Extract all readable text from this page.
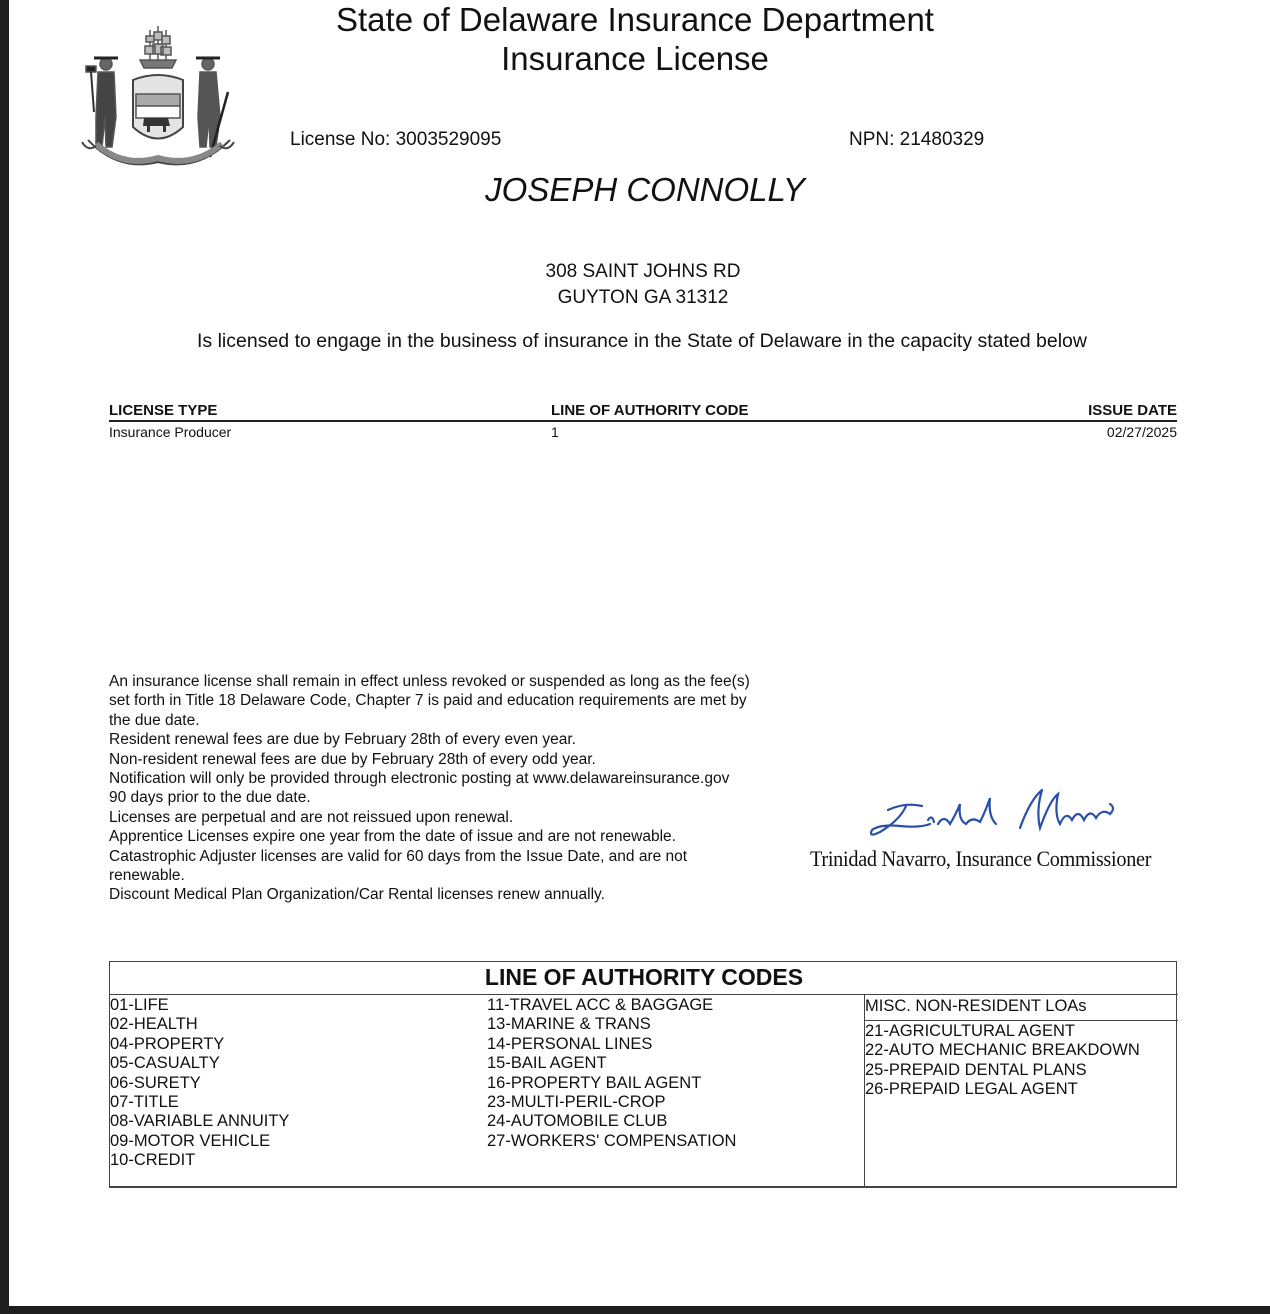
State of Delaware Insurance Department
Insurance License
License No: 3003529095	NPN: 21480329
JOSEPH CONNOLLY
308 SAINT JOHNS RD
GUYTON GA 31312
Is licensed to engage in the business of insurance in the State of Delaware in the capacity stated below
LICENSE TYPE	LINE OF AUTHORITY CODE	ISSUE DATE
Insurance Producer	1	02/27/2025
An insurance license shall remain in effect unless revoked or suspended as long as the fee(s)
set forth in Title 18 Delaware Code, Chapter 7 is paid and education requirements are met by
the due date.
Resident renewal fees are due by February 28th of every even year.
Non-resident renewal fees are due by February 28th of every odd year.
Notification will only be provided through electronic posting at www.delawareinsurance.gov
90 days prior to the due date.
Licenses are perpetual and are not reissued upon renewal.
Apprentice Licenses expire one year from the date of issue and are not renewable.
Catastrophic Adjuster licenses are valid for 60 days from the Issue Date, and are not
renewable.
Discount Medical Plan Organization/Car Rental licenses renew annually.
Trinidad Navarro, Insurance Commissioner
LINE OF AUTHORITY CODES
01-LIFE
02-HEALTH
04-PROPERTY
05-CASUALTY
06-SURETY
07-TITLE
08-VARIABLE ANNUITY
09-MOTOR VEHICLE
10-CREDIT
11-TRAVEL ACC & BAGGAGE
13-MARINE & TRANS
14-PERSONAL LINES
15-BAIL AGENT
16-PROPERTY BAIL AGENT
23-MULTI-PERIL-CROP
24-AUTOMOBILE CLUB
27-WORKERS' COMPENSATION
MISC. NON-RESIDENT LOAs
21-AGRICULTURAL AGENT
22-AUTO MECHANIC BREAKDOWN
25-PREPAID DENTAL PLANS
26-PREPAID LEGAL AGENT
